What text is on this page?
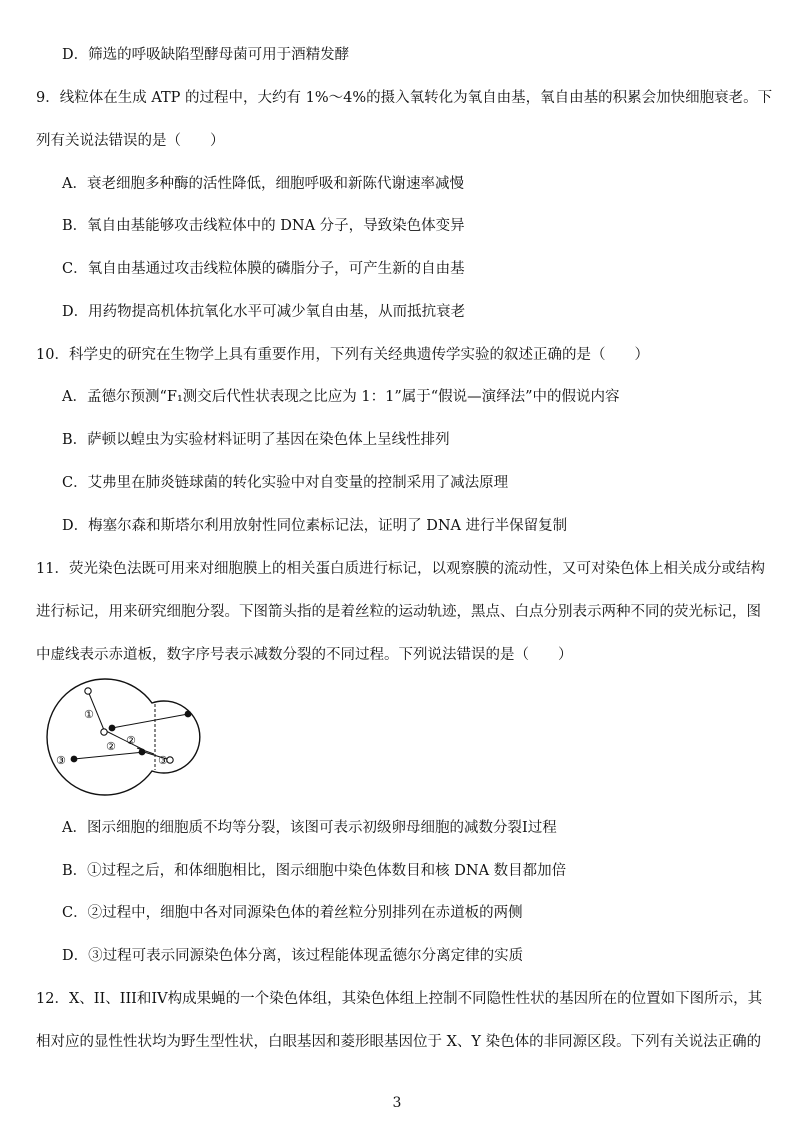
D．筛选的呼吸缺陷型酵母菌可用于酒精发酵
9．线粒体在生成 ATP 的过程中，大约有 1%～4%的摄入氧转化为氧自由基，氧自由基的积累会加快细胞衰老。下
列有关说法错误的是（　　）
A．衰老细胞多种酶的活性降低，细胞呼吸和新陈代谢速率减慢
B．氧自由基能够攻击线粒体中的 DNA 分子，导致染色体变异
C．氧自由基通过攻击线粒体膜的磷脂分子，可产生新的自由基
D．用药物提高机体抗氧化水平可减少氧自由基，从而抵抗衰老
10．科学史的研究在生物学上具有重要作用，下列有关经典遗传学实验的叙述正确的是（　　）
A．孟德尔预测“F₁测交后代性状表现之比应为 1：1”属于“假说—演绎法”中的假说内容
B．萨顿以蝗虫为实验材料证明了基因在染色体上呈线性排列
C．艾弗里在肺炎链球菌的转化实验中对自变量的控制采用了减法原理
D．梅塞尔森和斯塔尔利用放射性同位素标记法，证明了 DNA 进行半保留复制
11．荧光染色法既可用来对细胞膜上的相关蛋白质进行标记，以观察膜的流动性，又可对染色体上相关成分或结构
进行标记，用来研究细胞分裂。下图箭头指的是着丝粒的运动轨迹，黑点、白点分别表示两种不同的荧光标记，图
中虚线表示赤道板，数字序号表示减数分裂的不同过程。下列说法错误的是（　　）
①
② ②
③	③
A．图示细胞的细胞质不均等分裂，该图可表示初级卵母细胞的减数分裂I过程
B．①过程之后，和体细胞相比，图示细胞中染色体数目和核 DNA 数目都加倍
C．②过程中，细胞中各对同源染色体的着丝粒分别排列在赤道板的两侧
D．③过程可表示同源染色体分离，该过程能体现孟德尔分离定律的实质
12．X、II、III和IV构成果蝇的一个染色体组，其染色体组上控制不同隐性性状的基因所在的位置如下图所示，其
相对应的显性性状均为野生型性状，白眼基因和菱形眼基因位于 X、Y 染色体的非同源区段。下列有关说法正确的
3
